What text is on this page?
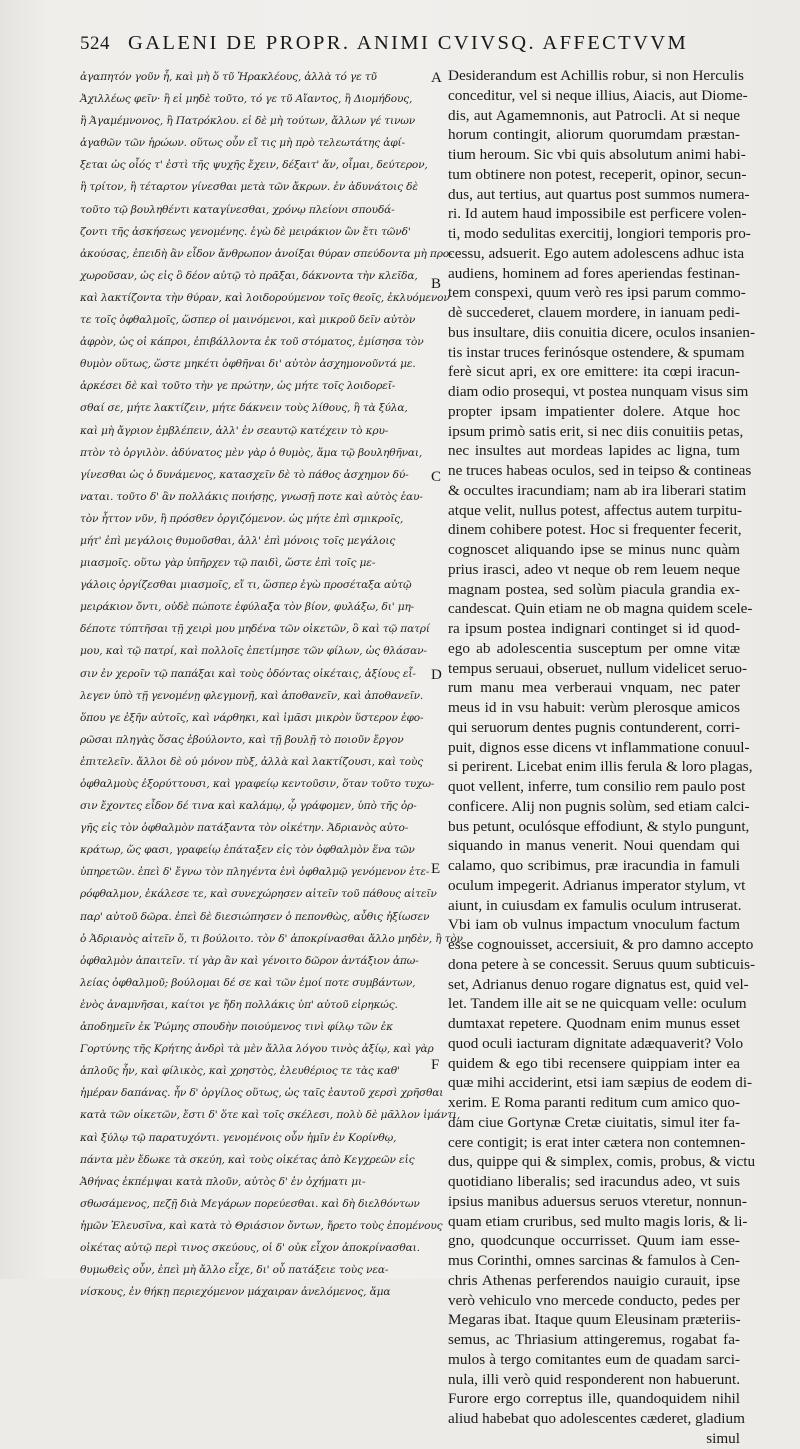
524 GALENI DE PROPR. ANIMI CVIVSQ. AFFECTVVM
ἀγαπητόν γοῦν ἦ, καὶ μὴ ὅ τῦ Ἡρακλέους, ἀλλὰ τό γε τῦ
Ἀχιλλέως φεῖν· ἢ εἰ μηδὲ τοῦτο, τό γε τῦ Αἴαντος, ἢ Διομήδους,
ἢ Ἀγαμέμνονος, ἢ Πατρόκλου. εἰ δὲ μὴ τούτων, ἄλλων γέ τινων
ἀγαθῶν τῶν ἡρώων. οὕτως οὖν εἴ τις μὴ πρὸ τελεωτάτης ἀφί-
ξεται ὡς οἷός τ' ἐστὶ τῆς ψυχῆς ἔχειν, δέξαιτ' ἄν, οἶμαι, δεύτερον,
ἢ τρίτον, ἢ τέταρτον γίνεσθαι μετὰ τῶν ἄκρων. ἐν ἀδυνάτοις δὲ
τοῦτο τῷ βουληθέντι καταγίνεσθαι, χρόνῳ πλείονι σπουδά-
ζοντι τῆς ἀσκήσεως γενομένης. ἐγὼ δὲ μειράκιον ὢν ἔτι τῶνδ'
ἀκούσας, ἐπειδὴ ἂν εἶδον ἄνθρωπον ἀνοίξαι θύραν σπεύδοντα μὴ προ-
χωροῦσαν, ὡς εἰς ὃ δέον αὐτῷ τὸ πρᾶξαι, δάκνοντα τὴν κλεῖδα,
καὶ λακτίζοντα τὴν θύραν, καὶ λοιδορούμενον τοῖς θεοῖς, ἐκλυόμενον
τε τοῖς ὀφθαλμοῖς, ὥσπερ οἱ μαινόμενοι, καὶ μικροῦ δεῖν αὐτὸν
ἀφρὸν, ὡς οἱ κάπροι, ἐπιβάλλοντα ἐκ τοῦ στόματος, ἐμίσησα τὸν
θυμὸν οὕτως, ὥστε μηκέτι ὀφθῆναι δι' αὐτὸν ἀσχημονοῦντά με.
ἀρκέσει δὲ καὶ τοῦτο τὴν γε πρώτην, ὡς μήτε τοῖς λοιδορεῖ-
σθαί σε, μήτε λακτίζειν, μήτε δάκνειν τοὺς λίθους, ἢ τὰ ξύλα,
καὶ μὴ ἄγριον ἐμβλέπειν, ἀλλ' ἐν σεαυτῷ κατέχειν τὸ κρυ-
πτὸν τὸ ὀργιλὸν. ἀδύνατος μὲν γὰρ ὁ θυμὸς, ἅμα τῷ βουληθῆναι,
γίνεσθαι ὡς ὁ δυνάμενος, κατασχεῖν δὲ τὸ πάθος ἀσχημον δύ-
ναται. τοῦτο δ' ἂν πολλάκις ποιήσῃς, γνωσῇ ποτε καὶ αὐτὸς ἑαυ-
τὸν ἧττον νῦν, ἢ πρόσθεν ὀργιζόμενον. ὡς μήτε ἐπὶ σμικροῖς,
μήτ' ἐπὶ μεγάλοις θυμοῦσθαι, ἀλλ' ἐπὶ μόνοις τοῖς μεγάλοις
μιασμοῖς. οὕτω γὰρ ὑπῆρχεν τῷ παιδὶ, ὥστε ἐπὶ τοῖς με-
γάλοις ὀργίζεσθαι μιασμοῖς, εἴ τι, ὥσπερ ἐγὼ προσέταξα αὐτῷ
μειράκιον ὄντι, οὐδὲ πώποτε ἐφύλαξα τὸν βίον, φυλάξω, δι' μη-
δέποτε τύπτῆσαι τῇ χειρὶ μου μηδένα τῶν οἰκετῶν, ὃ καὶ τῷ πατρί
μου, καὶ τῷ πατρί, καὶ πολλοῖς ἐπετίμησε τῶν φίλων, ὡς θλάσαν-
σιν ἐν χεροῖν τῷ παπάξαι καὶ τοὺς ὀδόντας οἰκέταις, ἀξίους εἶ-
λεγεν ὑπὸ τῇ γενομένῃ φλεγμονῇ, καὶ ἀποθανεῖν, καὶ ἀποθανεῖν.
ὅπου γε ἐξῆν αὐτοῖς, καὶ νάρθηκι, καὶ ἱμᾶσι μικρὸν ὕστερον ἐφο-
ρῶσαι πληγὰς ὅσας ἐβούλοντο, καὶ τῇ βουλῇ τὸ ποιοῦν ἔργον
ἐπιτελεῖν. ἄλλοι δὲ οὐ μόνον πὺξ, ἀλλὰ καὶ λακτίζουσι, καὶ τοὺς
ὀφθαλμοὺς ἐξορύττουσι, καὶ γραφείῳ κεντοῦσιν, ὅταν τοῦτο τυχω-
σιν ἔχοντες εἶδον δέ τινα καὶ καλάμῳ, ᾧ γράφομεν, ὑπὸ τῆς ὀρ-
γῆς εἰς τὸν ὀφθαλμὸν πατάξαντα τὸν οἰκέτην. Ἀδριανὸς αὐτο-
κράτωρ, ὥς φασι, γραφείῳ ἐπάταξεν εἰς τὸν ὀφθαλμὸν ἕνα τῶν
ὑπηρετῶν. ἐπεὶ δ' ἔγνω τὸν πληγέντα ἑνὶ ὀφθαλμῷ γενόμενον ἑτε-
ρόφθαλμον, ἐκάλεσε τε, καὶ συνεχώρησεν αἰτεῖν τοῦ πάθους αἰτεῖν
παρ' αὐτοῦ δῶρα. ἐπεὶ δὲ διεσιώπησεν ὁ πεπονθὼς, αὖθις ἠξίωσεν
ὁ Ἀδριανὸς αἰτεῖν ὅ, τι βούλοιτο. τὸν δ' ἀποκρίνασθαι ἄλλο μηδὲν, ἢ τὸν
ὀφθαλμὸν ἀπαιτεῖν. τί γὰρ ἂν καὶ γένοιτο δῶρον ἀντάξιον ἀπω-
λείας ὀφθαλμοῦ; βούλομαι δέ σε καὶ τῶν ἐμοί ποτε συμβάντων,
ἑνὸς ἀναμνῆσαι, καίτοι γε ἤδη πολλάκις ὑπ' αὐτοῦ εἰρηκώς.
ἀποδημεῖν ἐκ Ῥώμης σπουδὴν ποιούμενος τινὶ φίλῳ τῶν ἐκ
Γορτύνης τῆς Κρήτης ἀνδρὶ τὰ μὲν ἄλλα λόγου τινὸς ἀξίῳ, καὶ γὰρ
ἁπλοῦς ἦν, καὶ φίλικὸς, καὶ χρηστὸς, ἐλευθέριος τε τὰς καθ'
ἡμέραν δαπάνας. ἦν δ' ὀργίλος οὕτως, ὡς ταῖς ἑαυτοῦ χερσὶ χρῆσθαι
κατὰ τῶν οἰκετῶν, ἔστι δ' ὅτε καὶ τοῖς σκέλεσι, πολὺ δὲ μᾶλλον ἱμάντι,
καὶ ξύλῳ τῷ παρατυχόντι. γενομένοις οὖν ἡμῖν ἐν Κορίνθῳ,
πάντα μὲν ἔδωκε τὰ σκεύη, καὶ τοὺς οἰκέτας ἀπὸ Κεγχρεῶν εἰς
Ἀθήνας ἐκπέμψαι κατὰ πλοῦν, αὐτὸς δ' ἐν ὀχήματι μι-
σθωσάμενος, πεζῇ διὰ Μεγάρων πορεύεσθαι. καὶ δὴ διελθόντων
ἡμῶν Ἐλευσῖνα, καὶ κατὰ τὸ Θριάσιον ὄντων, ἤρετο τοὺς ἑπομένους
οἰκέτας αὐτῷ περὶ τινος σκεύους, οἱ δ' οὐκ εἶχον ἀποκρίνασθαι.
θυμωθεὶς οὖν, ἐπεὶ μὴ ἄλλο εἶχε, δι' οὗ πατάξειε τοὺς νεα-
νίσκους, ἐν θήκῃ περιεχόμενον μάχαιραν ἀνελόμενος, ἅμα
A
B
C
D
E
F
Desiderandum est Achillis robur, si non Herculis
conceditur, vel si neque illius, Aiacis, aut Diome-
dis, aut Agamemnonis, aut Patrocli. At si neque
horum contingit, aliorum quorumdam præstan-
tium heroum. Sic vbi quis absolutum animi habi-
tum obtinere non potest, receperit, opinor, secun-
dus, aut tertius, aut quartus post summos numera-
ri. Id autem haud impossibile est perficere volen-
ti, modo sedulitas exercitij, longiori temporis pro-
cessu, adsuerit. Ego autem adolescens adhuc ista
audiens, hominem ad fores aperiendas festinan-
tem conspexi, quum verò res ipsi parum commo-
dè succederet, clauem mordere, in ianuam pedi-
bus insultare, diis conuitia dicere, oculos insanien-
tis instar truces ferinósque ostendere, & spumam
ferè sicut apri, ex ore emittere: ita cœpi iracun-
diam odio prosequi, vt postea nunquam visus sim
propter ipsam impatienter dolere. Atque hoc
ipsum primò satis erit, si nec diis conuitiis petas,
nec insultes aut mordeas lapides ac ligna, tum
ne truces habeas oculos, sed in teipso & contineas
& occultes iracundiam; nam ab ira liberari statim
atque velit, nullus potest, affectus autem turpitu-
dinem cohibere potest. Hoc si frequenter fecerit,
cognoscet aliquando ipse se minus nunc quàm
prius irasci, adeo vt neque ob rem leuem neque
magnam postea, sed solùm piacula grandia ex-
candescat. Quin etiam ne ob magna quidem scele-
ra ipsum postea indignari continget si id quod-
ego ab adolescentia susceptum per omne vitæ
tempus seruaui, obseruet, nullum videlicet seruo-
rum manu mea verberaui vnquam, nec pater
meus id in vsu habuit: verùm plerosque amicos
qui seruorum dentes pugnis contunderent, corri-
puit, dignos esse dicens vt inflammatione conuul-
si perirent. Licebat enim illis ferula & loro plagas,
quot vellent, inferre, tum consilio rem paulo post
conficere. Alij non pugnis solùm, sed etiam calci-
bus petunt, oculósque effodiunt, & stylo pungunt,
siquando in manus venerit. Noui quendam qui
calamo, quo scribimus, præ iracundia in famuli
oculum impegerit. Adrianus imperator stylum, vt
aiunt, in cuiusdam ex famulis oculum intruserat.
Vbi iam ob vulnus impactum vnoculum factum
esse cognouisset, accersiuit, & pro damno accepto
dona petere à se concessit. Seruus quum subticuis-
set, Adrianus denuo rogare dignatus est, quid vel-
let. Tandem ille ait se ne quicquam velle: oculum
dumtaxat repetere. Quodnam enim munus esset
quod oculi iacturam dignitate adæquaverit? Volo
quidem & ego tibi recensere quippiam inter ea
quæ mihi acciderint, etsi iam sæpius de eodem di-
xerim. E Roma paranti reditum cum amico quo-
dam ciue Gortynæ Cretæ ciuitatis, simul iter fa-
cere contigit; is erat inter cætera non contemnen-
dus, quippe qui & simplex, comis, probus, & victu
quotidiano liberalis; sed iracundus adeo, vt suis
ipsius manibus aduersus seruos vteretur, nonnun-
quam etiam cruribus, sed multo magis loris, & li-
gno, quodcunque occurrisset. Quum iam esse-
mus Corinthi, omnes sarcinas & famulos à Cen-
chris Athenas perferendos nauigio curauit, ipse
verò vehiculo vno mercede conducto, pedes per
Megaras ibat. Itaque quum Eleusinam præteriis-
semus, ac Thriasium attingeremus, rogabat fa-
mulos à tergo comitantes eum de quadam sarci-
nula, illi verò quid responderent non habuerunt.
Furore ergo correptus ille, quandoquidem nihil
aliud habebat quo adolescentes cæderet, gladium
simul
